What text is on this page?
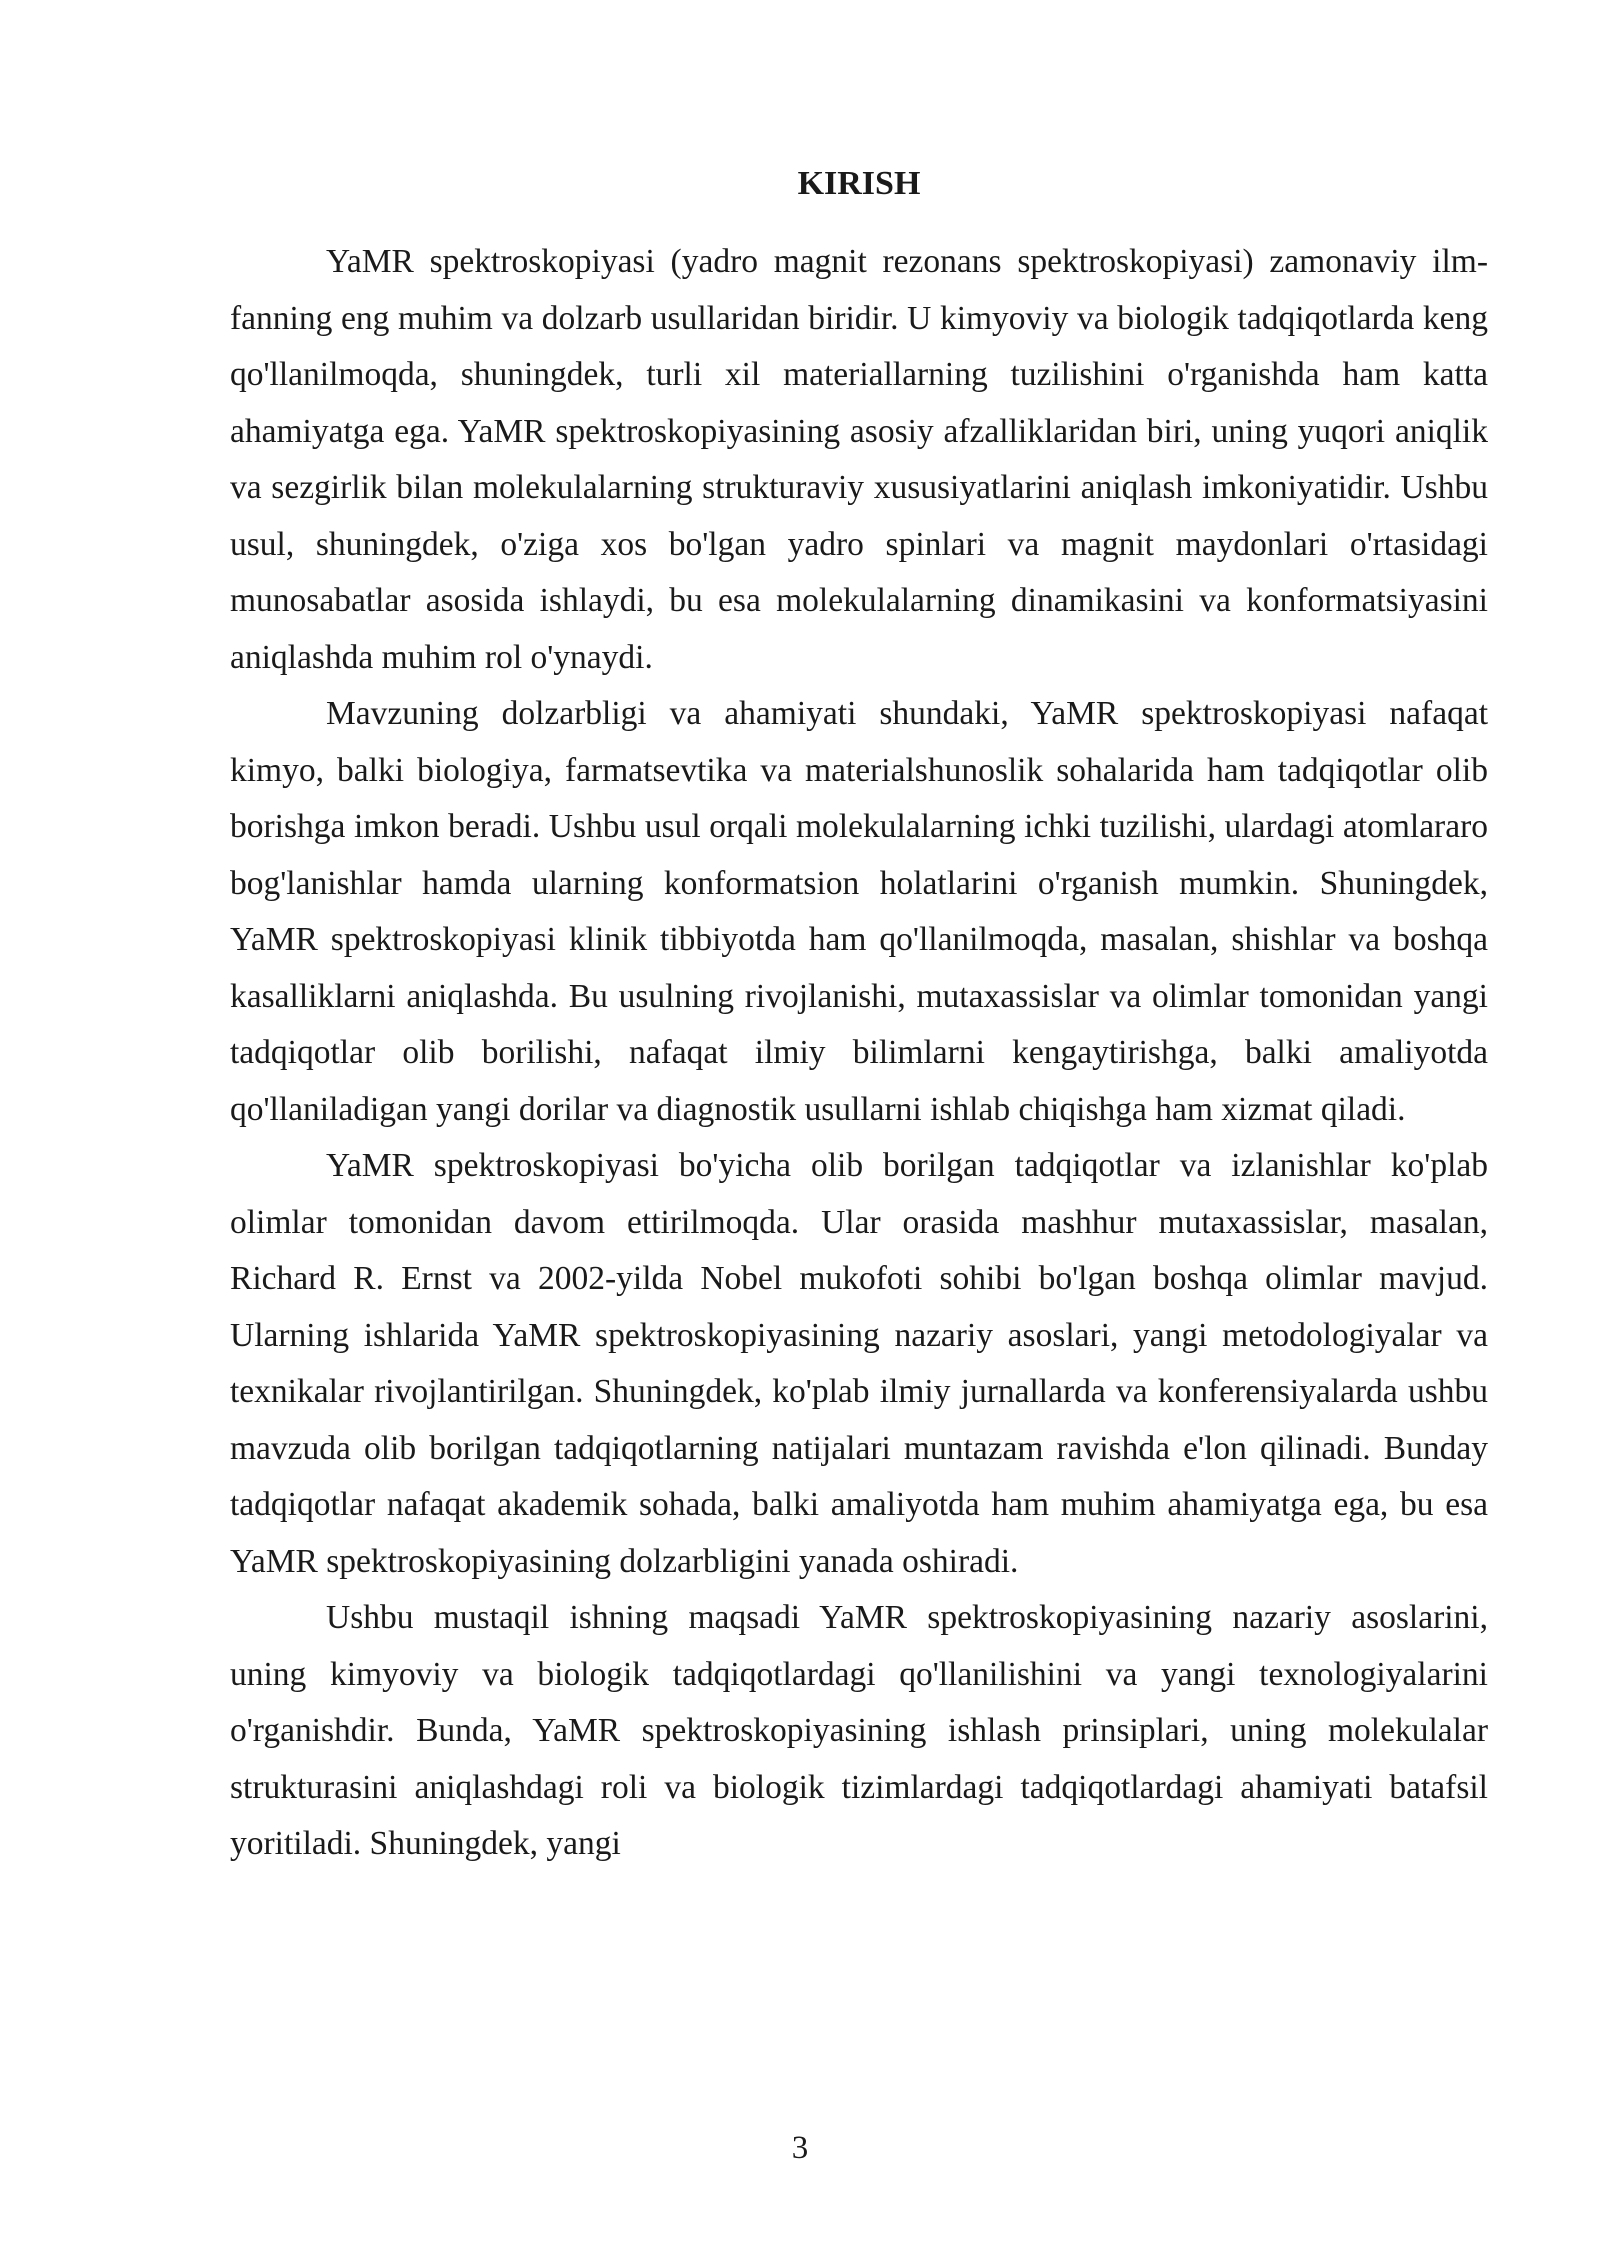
KIRISH

YaMR spektroskopiyasi (yadro magnit rezonans spektroskopiyasi) zamonaviy ilm-fanning eng muhim va dolzarb usullaridan biridir. U kimyoviy va biologik tadqiqotlarda keng qo'llanilmoqda, shuningdek, turli xil materiallarning tuzilishini o'rganishda ham katta ahamiyatga ega. YaMR spektroskopiyasining asosiy afzalliklaridan biri, uning yuqori aniqlik va sezgirlik bilan molekulalarning strukturaviy xususiyatlarini aniqlash imkoniyatidir. Ushbu usul, shuningdek, o'ziga xos bo'lgan yadro spinlari va magnit maydonlari o'rtasidagi munosabatlar asosida ishlaydi, bu esa molekulalarning dinamikasini va konformatsiyasini aniqlashda muhim rol o'ynaydi.

Mavzuning dolzarbligi va ahamiyati shundaki, YaMR spektroskopiyasi nafaqat kimyo, balki biologiya, farmatsevtika va materialshunoslik sohalarida ham tadqiqotlar olib borishga imkon beradi. Ushbu usul orqali molekulalarning ichki tuzilishi, ulardagi atomlararo bog'lanishlar hamda ularning konformatsion holatlarini o'rganish mumkin. Shuningdek, YaMR spektroskopiyasi klinik tibbiyotda ham qo'llanilmoqda, masalan, shishlar va boshqa kasalliklarni aniqlashda. Bu usulning rivojlanishi, mutaxassislar va olimlar tomonidan yangi tadqiqotlar olib borilishi, nafaqat ilmiy bilimlarni kengaytirishga, balki amaliyotda qo'llaniladigan yangi dorilar va diagnostik usullarni ishlab chiqishga ham xizmat qiladi.

YaMR spektroskopiyasi bo'yicha olib borilgan tadqiqotlar va izlanishlar ko'plab olimlar tomonidan davom ettirilmoqda. Ular orasida mashhur mutaxassislar, masalan, Richard R. Ernst va 2002-yilda Nobel mukofoti sohibi bo'lgan boshqa olimlar mavjud. Ularning ishlarida YaMR spektroskopiyasining nazariy asoslari, yangi metodologiyalar va texnikalar rivojlantirilgan. Shuningdek, ko'plab ilmiy jurnallarda va konferensiyalarda ushbu mavzuda olib borilgan tadqiqotlarning natijalari muntazam ravishda e'lon qilinadi. Bunday tadqiqotlar nafaqat akademik sohada, balki amaliyotda ham muhim ahamiyatga ega, bu esa YaMR spektroskopiyasining dolzarbligini yanada oshiradi.

Ushbu mustaqil ishning maqsadi YaMR spektroskopiyasining nazariy asoslarini, uning kimyoviy va biologik tadqiqotlardagi qo'llanilishini va yangi texnologiyalarini o'rganishdir. Bunda, YaMR spektroskopiyasining ishlash prinsiplari, uning molekulalar strukturasini aniqlashdagi roli va biologik tizimlardagi tadqiqotlardagi ahamiyati batafsil yoritiladi. Shuningdek, yangi

3
